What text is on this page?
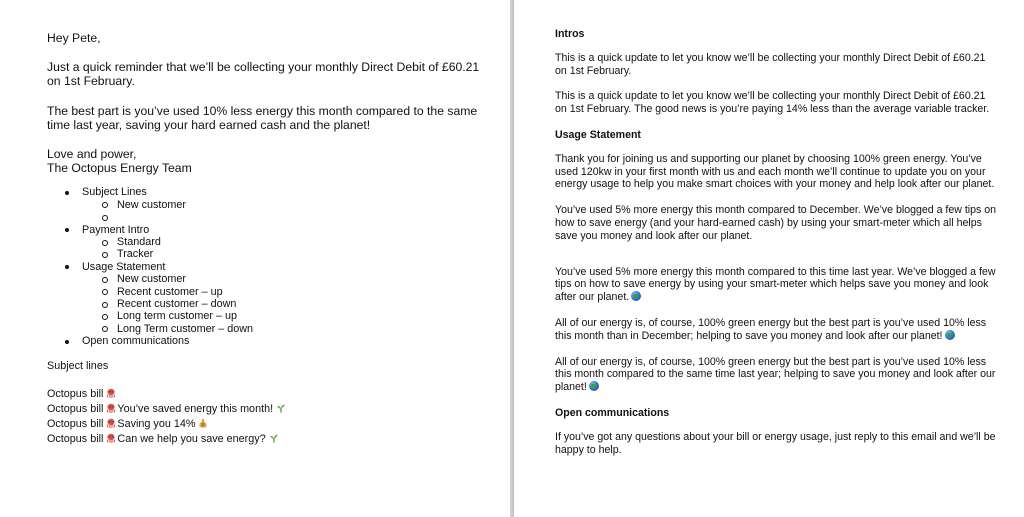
Hey Pete,

Just a quick reminder that we’ll be collecting your monthly Direct Debit of £60.21 on 1st February.

The best part is you’ve used 10% less energy this month compared to the same time last year, saving your hard earned cash and the planet!

Love and power,

The Octopus Energy Team

Subject Lines
New customer
Payment Intro
Standard
Tracker
Usage Statement
New customer
Recent customer – up
Recent customer – down
Long term customer – up
Long Term customer – down
Open communications
Subject lines
Octopus bill
Octopus bill You’ve saved energy this month!
Octopus bill Saving you 14% $
Octopus bill Can we help you save energy?

Intros

This is a quick update to let you know we’ll be collecting your monthly Direct Debit of £60.21 on 1st February.

This is a quick update to let you know we’ll be collecting your monthly Direct Debit of £60.21 on 1st February. The good news is you’re paying 14% less than the average variable tracker.

Usage Statement

Thank you for joining us and supporting our planet by choosing 100% green energy. You’ve used 120kw in your first month with us and each month we’ll continue to update you on your energy usage to help you make smart choices with your money and help look after our planet.

You’ve used 5% more energy this month compared to December. We’ve blogged a few tips on how to save energy (and your hard-earned cash) by using your smart-meter which all helps save you money and look after our planet.

You’ve used 5% more energy this month compared to this time last year. We’ve blogged a few tips on how to save energy by using your smart-meter which helps save you money and look after our planet.

All of our energy is, of course, 100% green energy but the best part is you’ve used 10% less this month than in December; helping to save you money and look after our planet!

All of our energy is, of course, 100% green energy but the best part is you’ve used 10% less this month compared to the same time last year; helping to save you money and look after our planet!

Open communications

If you’ve got any questions about your bill or energy usage, just reply to this email and we’ll be happy to help.
